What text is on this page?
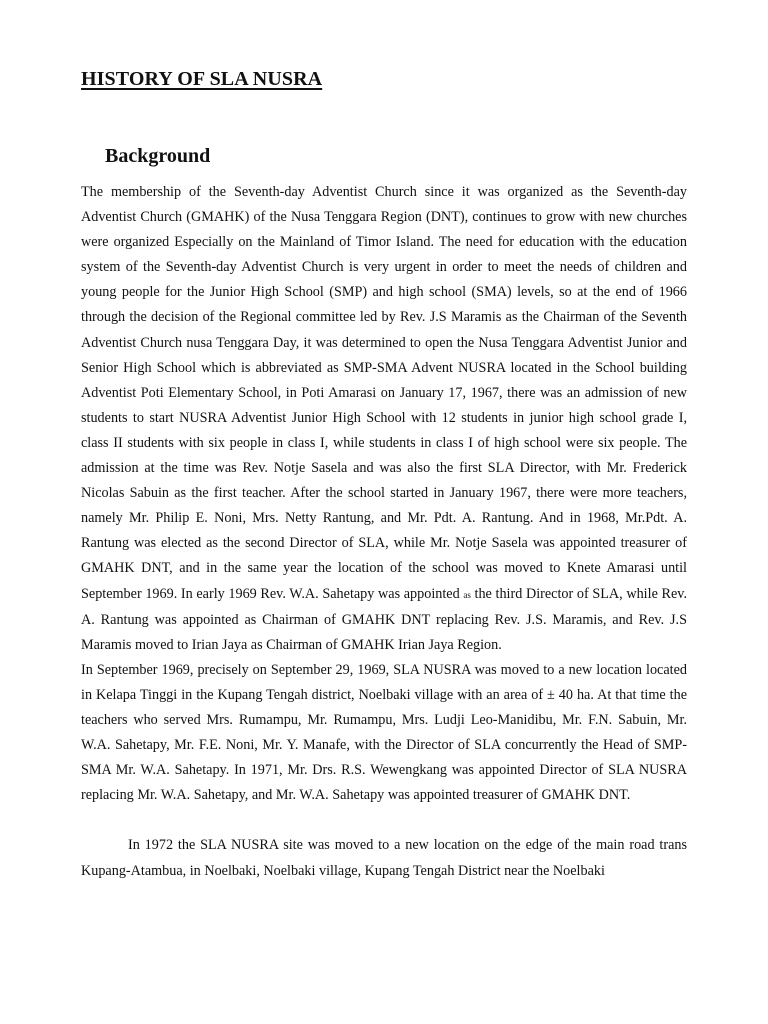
HISTORY OF SLA NUSRA
Background

The membership of the Seventh-day Adventist Church since it was organized as the Seventh-day Adventist Church (GMAHK) of the Nusa Tenggara Region (DNT), continues to grow with new churches were organized Especially on the Mainland of Timor Island. The need for education with the education system of the Seventh-day Adventist Church is very urgent in order to meet the needs of children and young people for the Junior High School (SMP) and high school (SMA) levels, so at the end of 1966 through the decision of the Regional committee led by Rev. J.S Maramis as the Chairman of the Seventh Adventist Church nusa Tenggara Day, it was determined to open the Nusa Tenggara Adventist Junior and Senior High School which is abbreviated as SMP-SMA Advent NUSRA located in the School building Adventist Poti Elementary School, in Poti Amarasi on January 17, 1967, there was an admission of new students to start NUSRA Adventist Junior High School with 12 students in junior high school grade I, class II students with six people in class I, while students in class I of high school were six people. The admission at the time was Rev. Notje Sasela and was also the first SLA Director, with Mr. Frederick Nicolas Sabuin as the first teacher. After the school started in January 1967, there were more teachers, namely Mr. Philip E. Noni, Mrs. Netty Rantung, and Mr. Pdt. A. Rantung. And in 1968, Mr.Pdt. A. Rantung was elected as the second Director of SLA, while Mr. Notje Sasela was appointed treasurer of GMAHK DNT, and in the same year the location of the school was moved to Knete Amarasi until September 1969. In early 1969 Rev. W.A. Sahetapy was appointed as the third Director of SLA, while Rev. A. Rantung was appointed as Chairman of GMAHK DNT replacing Rev. J.S. Maramis, and Rev. J.S Maramis moved to Irian Jaya as Chairman of GMAHK Irian Jaya Region.

In September 1969, precisely on September 29, 1969, SLA NUSRA was moved to a new location located in Kelapa Tinggi in the Kupang Tengah district, Noelbaki village with an area of ± 40 ha. At that time the teachers who served Mrs. Rumampu, Mr. Rumampu, Mrs. Ludji Leo-Manidibu, Mr. F.N. Sabuin, Mr. W.A. Sahetapy, Mr. F.E. Noni, Mr. Y. Manafe, with the Director of SLA concurrently the Head of SMP-SMA Mr. W.A. Sahetapy. In 1971, Mr. Drs. R.S. Wewengkang was appointed Director of SLA NUSRA replacing Mr. W.A. Sahetapy, and Mr. W.A. Sahetapy was appointed treasurer of GMAHK DNT.

In 1972 the SLA NUSRA site was moved to a new location on the edge of the main road trans Kupang-Atambua, in Noelbaki, Noelbaki village, Kupang Tengah District near the Noelbaki
